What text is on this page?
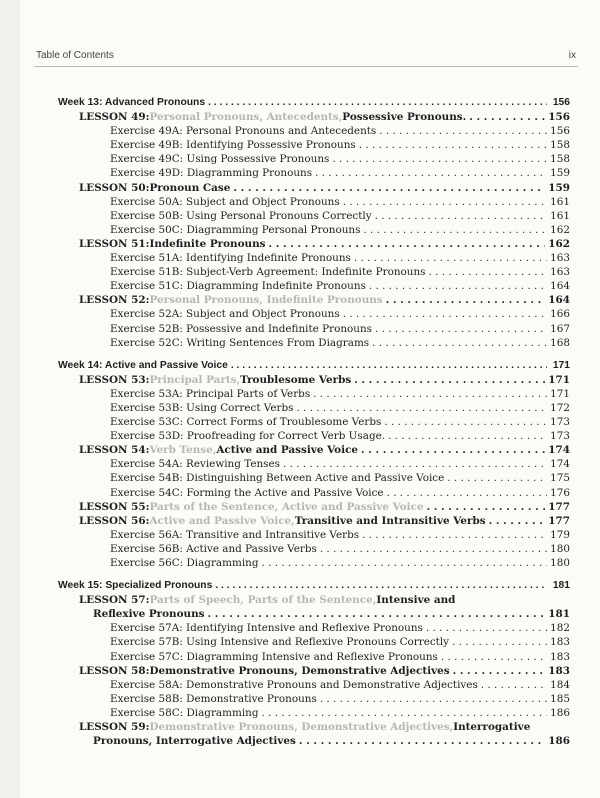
Table of Contents	ix
Week 13: Advanced Pronouns . . .	156
LESSON 49: Personal Pronouns, Antecedents, Possessive Pronouns. . . .	156
Exercise 49A: Personal Pronouns and Antecedents . . .	156
Exercise 49B: Identifying Possessive Pronouns . . .	158
Exercise 49C: Using Possessive Pronouns . . .	158
Exercise 49D: Diagramming Pronouns . . .	159
LESSON 50: Pronoun Case . . .	159
Exercise 50A: Subject and Object Pronouns . . .	161
Exercise 50B: Using Personal Pronouns Correctly . . .	161
Exercise 50C: Diagramming Personal Pronouns . . .	162
LESSON 51: Indefinite Pronouns . . .	162
Exercise 51A: Identifying Indefinite Pronouns . . .	163
Exercise 51B: Subject-Verb Agreement: Indefinite Pronouns . . .	163
Exercise 51C: Diagramming Indefinite Pronouns . . .	164
LESSON 52: Personal Pronouns, Indefinite Pronouns . . .	164
Exercise 52A: Subject and Object Pronouns . . .	166
Exercise 52B: Possessive and Indefinite Pronouns . . .	167
Exercise 52C: Writing Sentences From Diagrams . . .	168
Week 14: Active and Passive Voice . . .	171
LESSON 53: Principal Parts, Troublesome Verbs . . .	171
Exercise 53A: Principal Parts of Verbs . . .	171
Exercise 53B: Using Correct Verbs . . .	172
Exercise 53C: Correct Forms of Troublesome Verbs . . .	173
Exercise 53D: Proofreading for Correct Verb Usage. . . .	173
LESSON 54: Verb Tense, Active and Passive Voice . . .	174
Exercise 54A: Reviewing Tenses . . .	174
Exercise 54B: Distinguishing Between Active and Passive Voice . . .	175
Exercise 54C: Forming the Active and Passive Voice . . .	176
LESSON 55: Parts of the Sentence, Active and Passive Voice . . .	177
LESSON 56: Active and Passive Voice, Transitive and Intransitive Verbs . . .	177
Exercise 56A: Transitive and Intransitive Verbs . . .	179
Exercise 56B: Active and Passive Verbs . . .	180
Exercise 56C: Diagramming . . .	180
Week 15: Specialized Pronouns . . .	181
LESSON 57: Parts of Speech, Parts of the Sentence, Intensive and
Reflexive Pronouns . . .	181
Exercise 57A: Identifying Intensive and Reflexive Pronouns . . .	182
Exercise 57B: Using Intensive and Reflexive Pronouns Correctly . . .	183
Exercise 57C: Diagramming Intensive and Reflexive Pronouns . . .	183
LESSON 58: Demonstrative Pronouns, Demonstrative Adjectives . . .	183
Exercise 58A: Demonstrative Pronouns and Demonstrative Adjectives . . .	184
Exercise 58B: Demonstrative Pronouns . . .	185
Exercise 58C: Diagramming . . .	186
LESSON 59: Demonstrative Pronouns, Demonstrative Adjectives, Interrogative
Pronouns, Interrogative Adjectives . . .	186
